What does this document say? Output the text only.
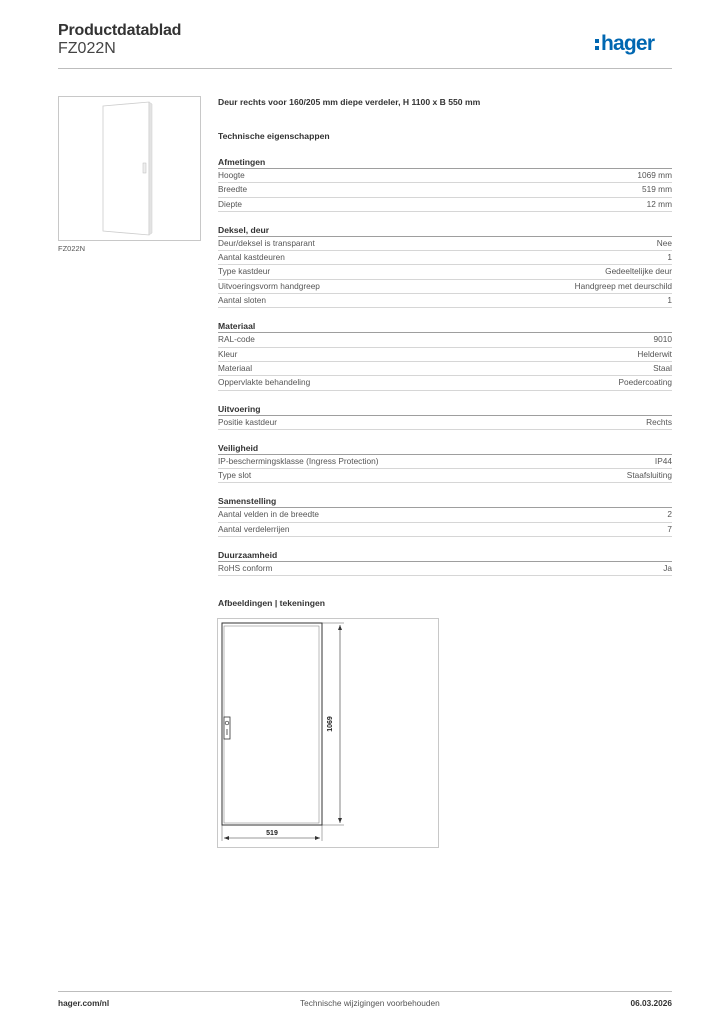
Productdatablad
FZ022N	hager
FZ022N
Deur rechts voor 160/205 mm diepe verdeler, H 1100 x B 550 mm
Technische eigenschappen
Afmetingen
Hoogte	1069 mm
Breedte	519 mm
Diepte	12 mm
Deksel, deur
Deur/deksel is transparant	Nee
Aantal kastdeuren	1
Type kastdeur	Gedeeltelijke deur
Uitvoeringsvorm handgreep	Handgreep met deurschild
Aantal sloten	1
Materiaal
RAL-code	9010
Kleur	Helderwit
Materiaal	Staal
Oppervlakte behandeling	Poedercoating
Uitvoering
Positie kastdeur	Rechts
Veiligheid
IP-beschermingsklasse (Ingress Protection)	IP44
Type slot	Staafsluiting
Samenstelling
Aantal velden in de breedte	2
Aantal verdelerrijen	7
Duurzaamheid
RoHS conform	Ja
Afbeeldingen | tekeningen
1069
519
hager.com/nl	Technische wijzigingen voorbehouden	06.03.2026
